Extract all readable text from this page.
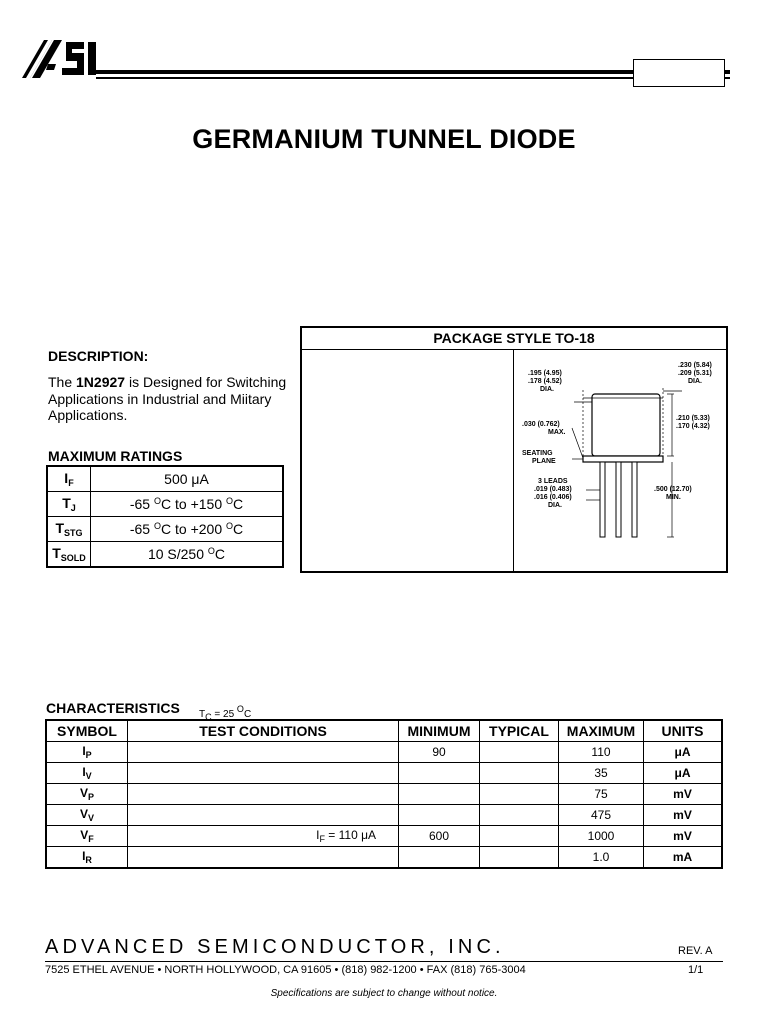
GERMANIUM TUNNEL DIODE
DESCRIPTION:
The 1N2927 is Designed for Switching Applications in Industrial and Miitary Applications.
MAXIMUM RATINGS
$I_F$	500 μA
$T_J$	-65 $^O$C to +150 $^O$C
$T_{STG}$	-65 $^O$C to +200 $^O$C
$T_{SOLD}$	10 S/250 $^O$C
PACKAGE STYLE TO-18
.230 (5.84)
.209 (5.31)
DIA.
.195 (4.95)
.178 (4.52)
DIA.
.030 (0.762)
MAX.
.210 (5.33)
.170 (4.32)
SEATING
PLANE
3 LEADS
.019 (0.483)
.016 (0.406)
DIA.
.500 (12.70)
MIN.
CHARACTERISTICS $T_C = 25$ $^O$C
SYMBOL	TEST CONDITIONS	MINIMUM	TYPICAL	MAXIMUM	UNITS
$I_P$		90		110	μA
$I_V$				35	μA
$V_P$				75	mV
$V_V$				475	mV
$V_F$	$I_F = 110$ μA	600		1000	mV
$I_R$				1.0	mA
ADVANCED SEMICONDUCTOR, INC.	REV. A
7525 ETHEL AVENUE • NORTH HOLLYWOOD, CA 91605 • (818) 982-1200 • FAX (818) 765-3004	1/1
Specifications are subject to change without notice.
